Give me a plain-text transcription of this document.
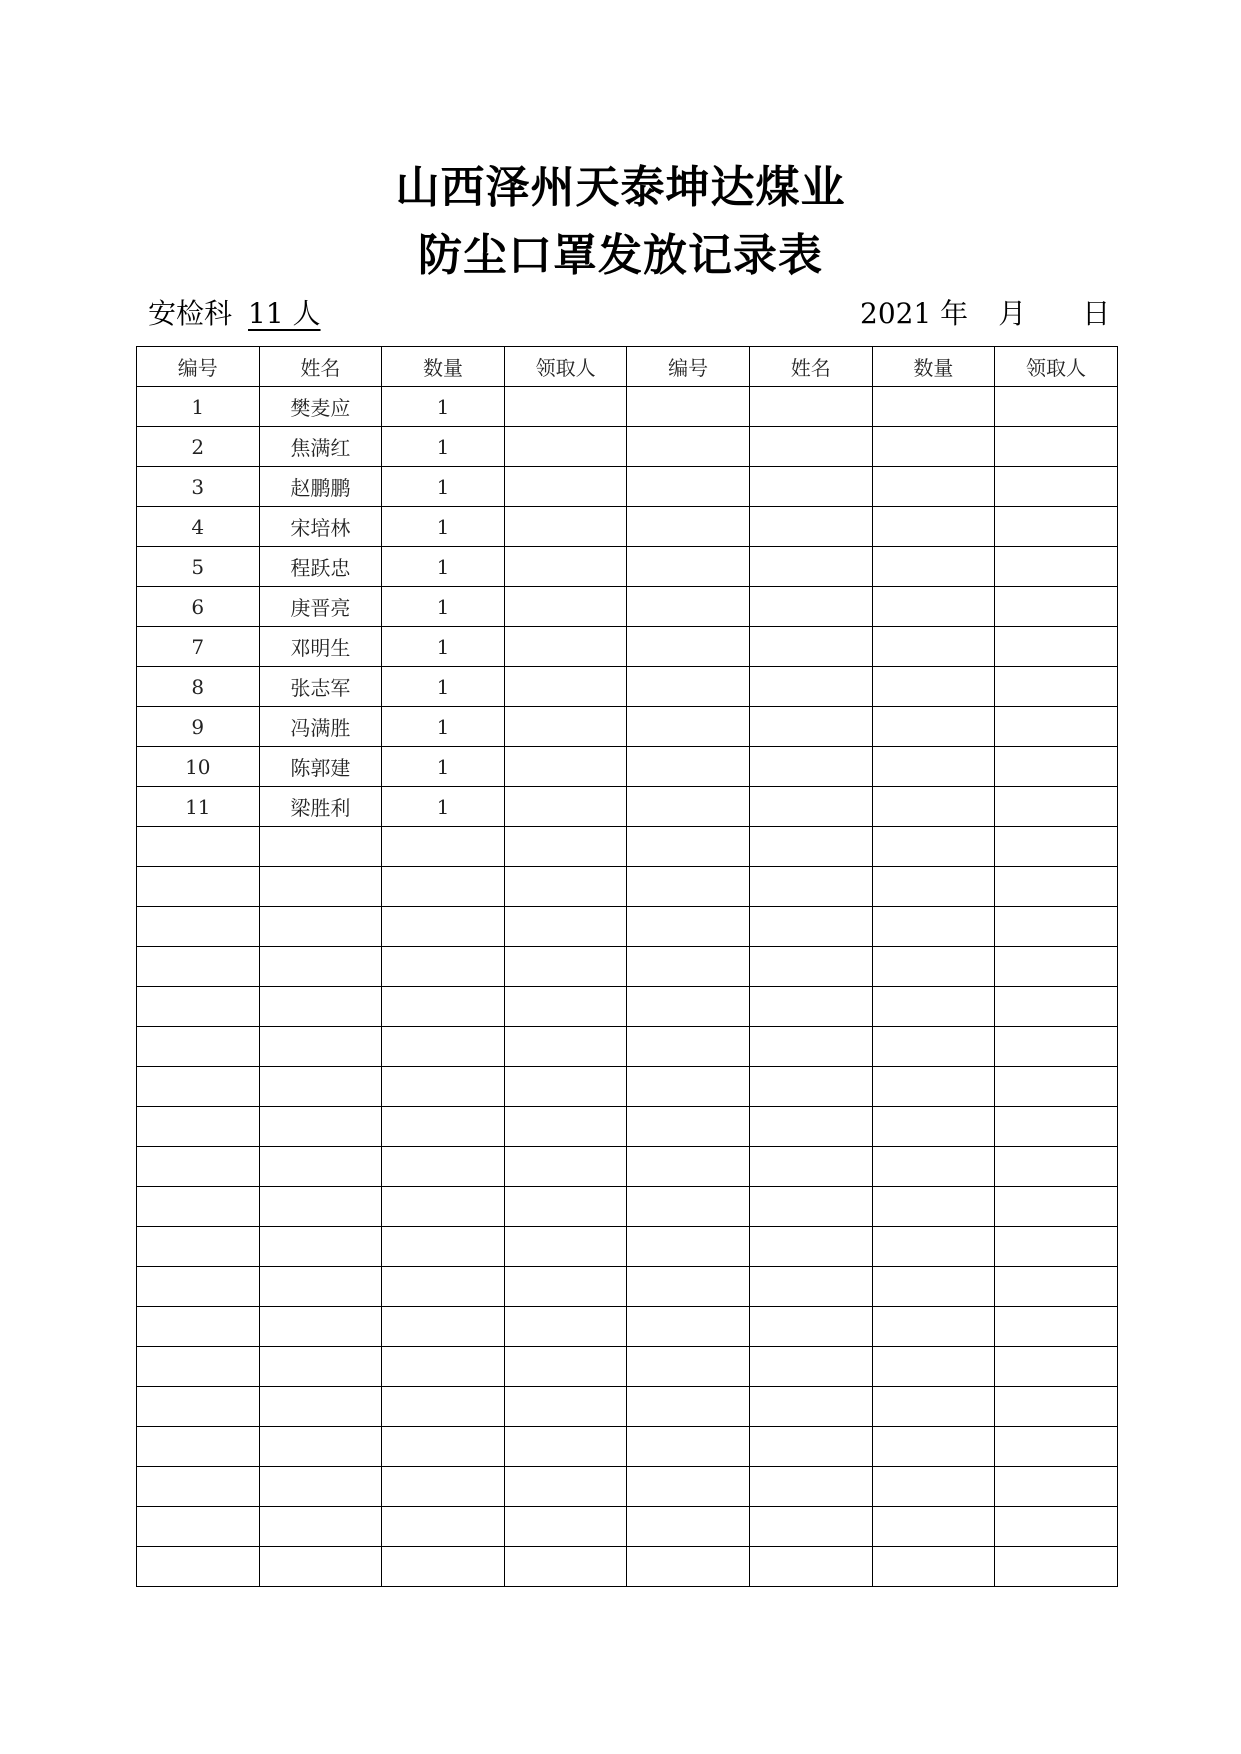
山西泽州天泰坤达煤业
防尘口罩发放记录表
安检科 11 人	2021 年 月 日
编号	姓名	数量	领取人	编号	姓名	数量	领取人
1	樊麦应	1					
2	焦满红	1					
3	赵鹏鹏	1					
4	宋培林	1					
5	程跃忠	1					
6	庚晋亮	1					
7	邓明生	1					
8	张志军	1					
9	冯满胜	1					
10	陈郭建	1					
11	梁胜利	1					
